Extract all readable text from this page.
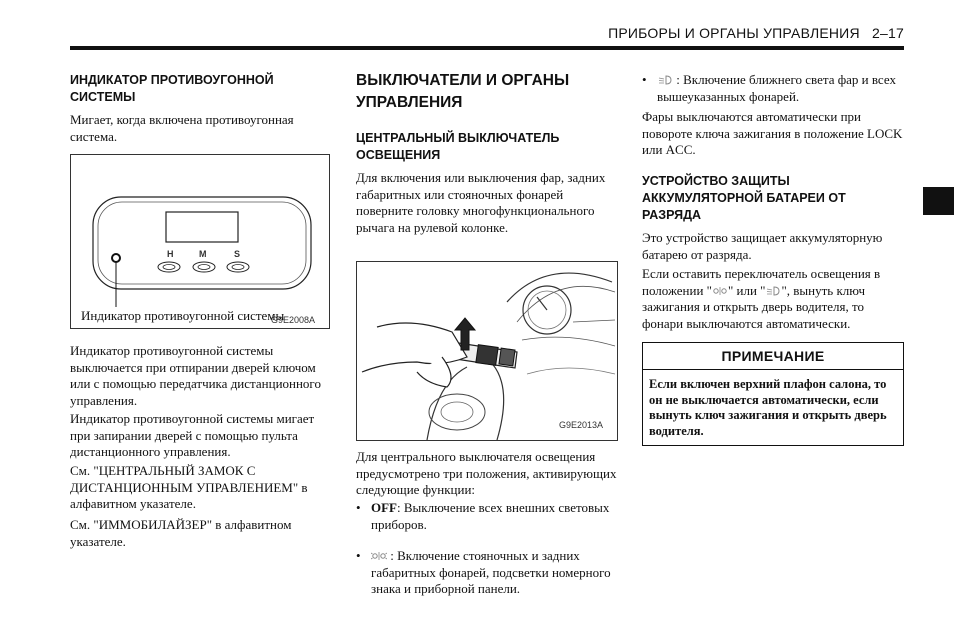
ПРИБОРЫ И ОРГАНЫ УПРАВЛЕНИЯ 2–17
ИНДИКАТОР ПРОТИВОУГОННОЙ СИСТЕМЫ

Мигает, когда включена противоугонная система.

H	M	S
G9E2008A
Индикатор противоугонной системы

Индикатор противоугонной системы выключается при отпирании дверей ключом или с помощью передатчика дистанционного управления.

Индикатор противоугонной системы мигает при запирании дверей с помощью пульта дистанционного управления.

См. "ЦЕНТРАЛЬНЫЙ ЗАМОК С ДИСТАНЦИОННЫМ УПРАВЛЕНИЕМ" в алфавитном указателе.

См. "ИММОБИЛАЙЗЕР" в алфавитном указателе.

ВЫКЛЮЧАТЕЛИ И ОРГАНЫ УПРАВЛЕНИЯ
ЦЕНТРАЛЬНЫЙ ВЫКЛЮЧАТЕЛЬ ОСВЕЩЕНИЯ

Для включения или выключения фар, задних габаритных или стояночных фонарей поверните головку многофункционального рычага на рулевой колонке.

G9E2013A

Для центрального выключателя освещения предусмотрено три положения, активирующих следующие функции:

• OFF: Выключение всех внешних световых приборов.
• : Включение стояночных и задних габаритных фонарей, подсветки номерного знака и приборной панели.
• : Включение ближнего света фар и всех вышеуказанных фонарей.

Фары выключаются автоматически при повороте ключа зажигания в положение LOCK или ACC.

УСТРОЙСТВО ЗАЩИТЫ АККУМУЛЯТОРНОЙ БАТАРЕИ ОТ РАЗРЯДА

Это устройство защищает аккумуляторную батарею от разряда.

Если оставить переключатель освещения в положении " " или " ", вынуть ключ зажигания и открыть дверь водителя, то фонари выключаются автоматически.

ПРИМЕЧАНИЕ
Если включен верхний плафон салона, то он не выключается автоматически, если вынуть ключ зажигания и открыть дверь водителя.
